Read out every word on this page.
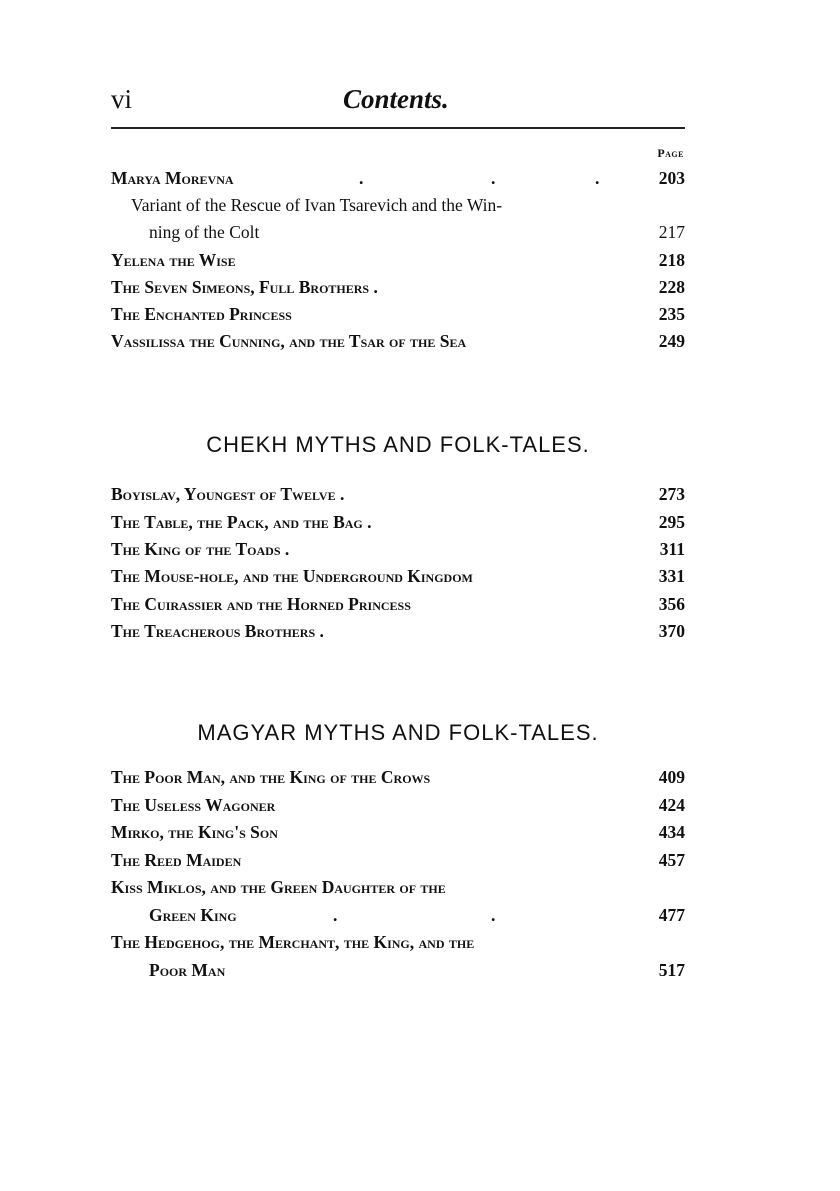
vi	Contents.
Page
Marya Morevna	.	.	.	203
Variant of the Rescue of Ivan Tsarevich and the Win-
ning of the Colt	217
Yelena the Wise	218
The Seven Simeons, Full Brothers .	228
The Enchanted Princess	235
Vassilissa the Cunning, and the Tsar of the Sea	249
CHEKH MYTHS AND FOLK-TALES.
Boyislav, Youngest of Twelve .	273
The Table, the Pack, and the Bag .	295
The King of the Toads .	311
The Mouse-hole, and the Underground Kingdom	331
The Cuirassier and the Horned Princess	356
The Treacherous Brothers .	370
MAGYAR MYTHS AND FOLK-TALES.
The Poor Man, and the King of the Crows	409
The Useless Wagoner	424
Mirko, the King's Son	434
The Reed Maiden	457
Kiss Miklos, and the Green Daughter of the
Green King	.	.	477
The Hedgehog, the Merchant, the King, and the
Poor Man	517
